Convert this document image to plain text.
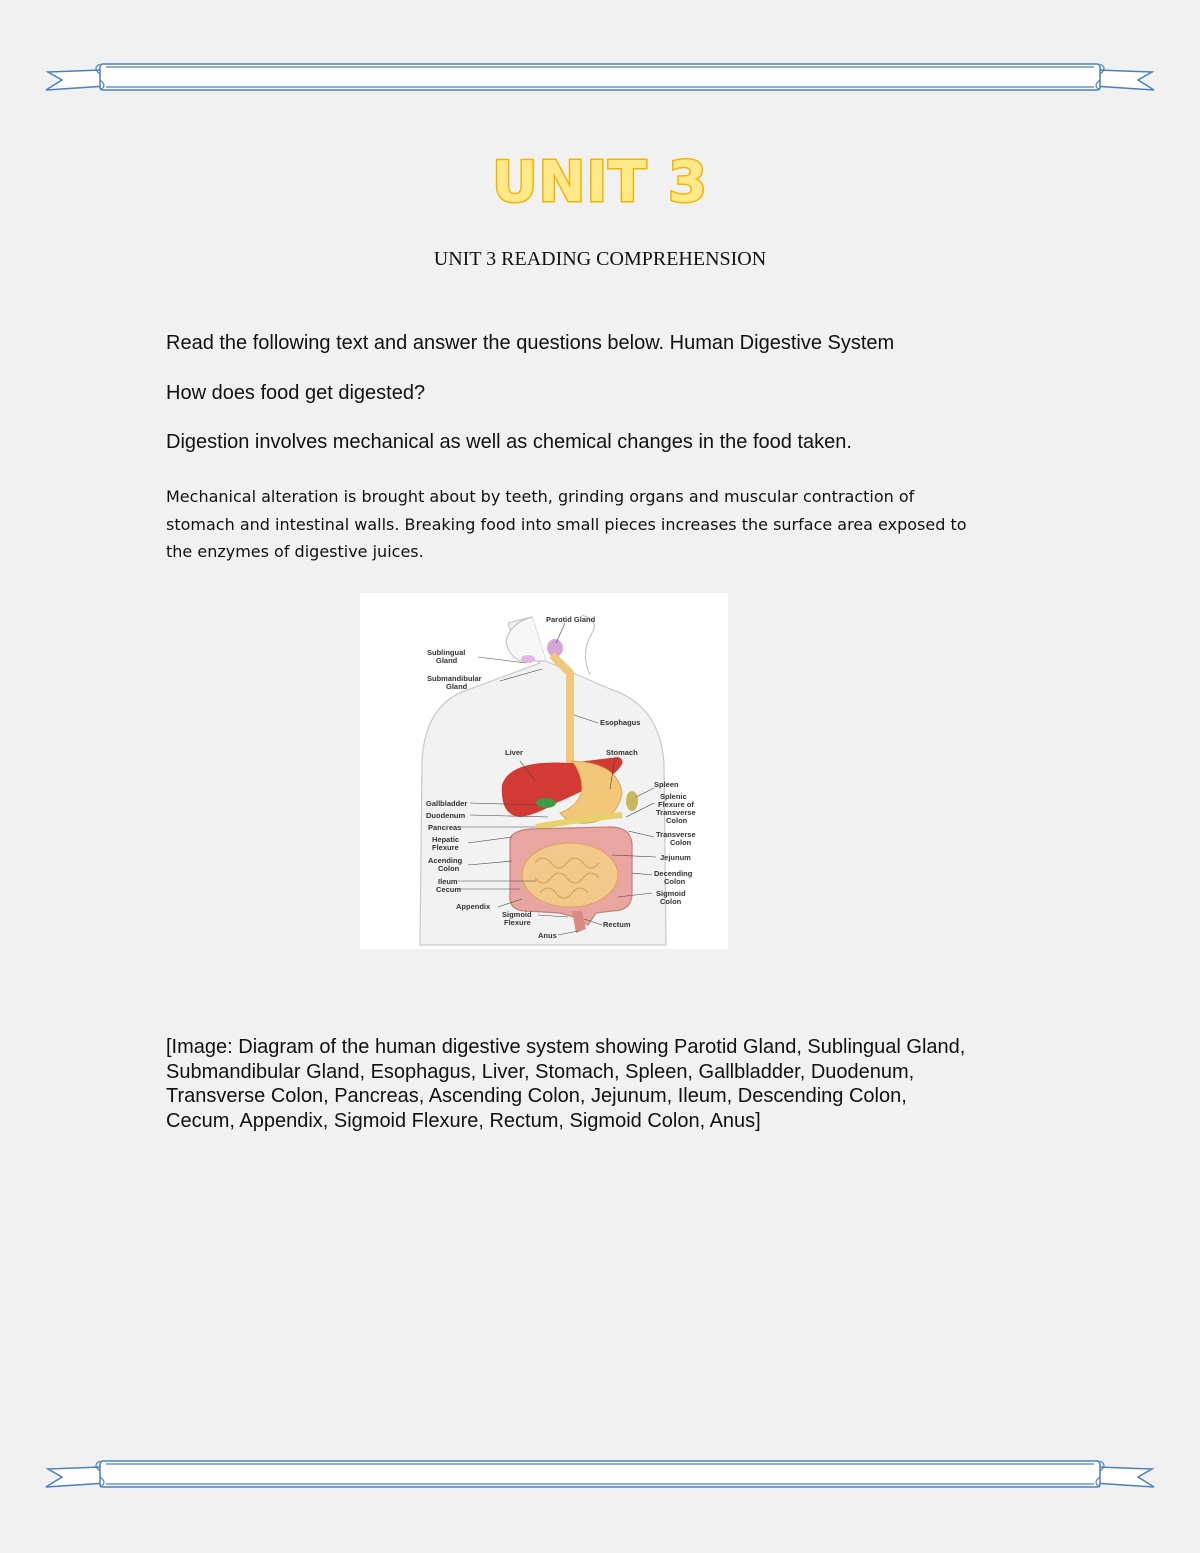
UNIT 3
UNIT 3 READING COMPREHENSION
Read the following text and answer the questions below. Human Digestive System
How does food get digested?
Digestion involves mechanical as well as chemical changes in the food taken.
Mechanical alteration is brought about by teeth, grinding organs and muscular contraction of
stomach and intestinal walls. Breaking food into small pieces increases the surface area exposed to
the enzymes of digestive juices.
Parotid Gland
Sublingual
Gland
Submandibular
Gland
Esophagus
Liver	Stomach
Spleen
Splenic
Flexure of
Transverse
Colon
Gallbladder
Duodenum
Pancreas
Hepatic
Flexure
Transverse
Colon
Jejunum
Acending
Colon
Ileum
Decending
Colon
Cecum	Sigmoid
Colon
Appendix
Sigmoid
Flexure	Rectum
Anus
[Image: Diagram of the human digestive system showing Parotid Gland, Sublingual Gland,
Submandibular Gland, Esophagus, Liver, Stomach, Spleen, Gallbladder, Duodenum,
Transverse Colon, Pancreas, Ascending Colon, Jejunum, Ileum, Descending Colon,
Cecum, Appendix, Sigmoid Flexure, Rectum, Sigmoid Colon, Anus]
